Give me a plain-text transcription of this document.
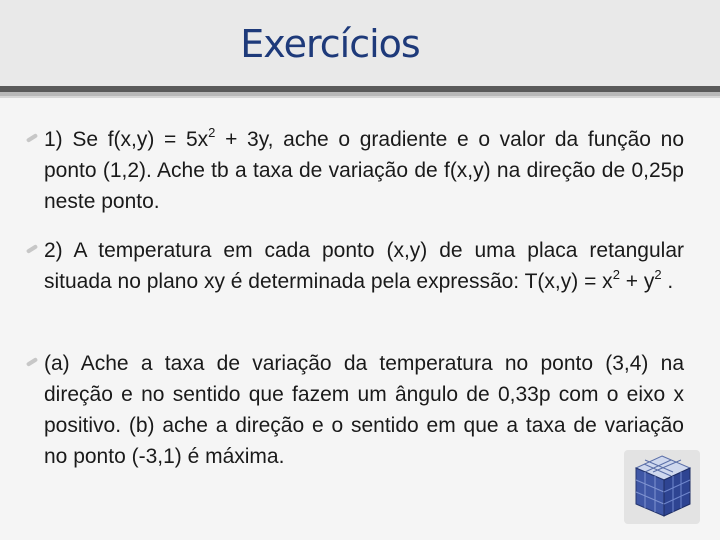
Exercícios
1) Se $f(x,y) = 5x^2 + 3y$, ache o gradiente e o valor da função no ponto (1,2). Ache tb a taxa de variação de f(x,y) na direção de 0,25p neste ponto.
2) A temperatura em cada ponto (x,y) de uma placa retangular situada no plano xy é determinada pela expressão: $T(x,y) = x^2 + y^2$ .
(a) Ache a taxa de variação da temperatura no ponto (3,4) na direção e no sentido que fazem um ângulo de 0,33p com o eixo x positivo. (b) ache a direção e o sentido em que a taxa de variação no ponto (-3,1) é máxima.
